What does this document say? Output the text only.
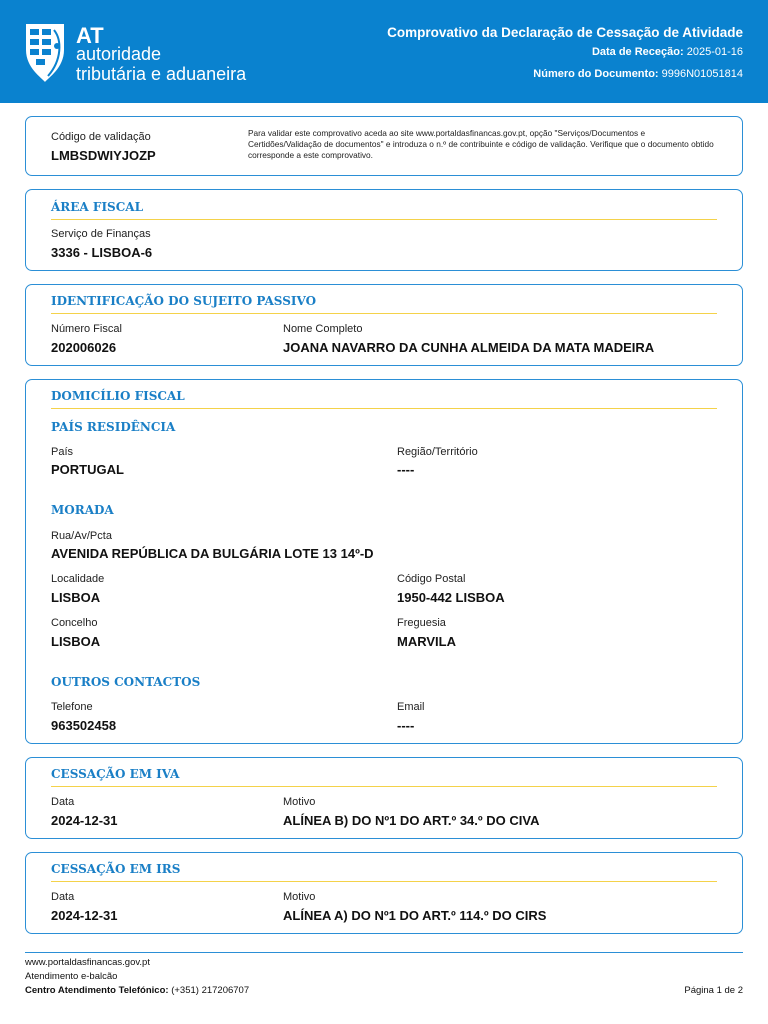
AT
autoridade
tributária e aduaneira
Comprovativo da Declaração de Cessação de Atividade
Data de Receção: 2025-01-16
Número do Documento: 9996N01051814
Código de validação
LMBSDWIYJOZP
Para validar este comprovativo aceda ao site www.portaldasfinancas.gov.pt, opção "Serviços/Documentos e Certidões/Validação de documentos" e introduza o n.º de contribuinte e código de validação. Verifique que o documento obtido corresponde a este comprovativo.
ÁREA FISCAL
Serviço de Finanças
3336 - LISBOA-6
IDENTIFICAÇÃO DO SUJEITO PASSIVO
Número Fiscal
202006026
Nome Completo
JOANA NAVARRO DA CUNHA ALMEIDA DA MATA MADEIRA
DOMICÍLIO FISCAL
PAÍS RESIDÊNCIA
País
PORTUGAL
Região/Território
----
MORADA
Rua/Av/Pcta
AVENIDA REPÚBLICA DA BULGÁRIA LOTE 13 14º-D
Localidade
LISBOA
Código Postal
1950-442 LISBOA
Concelho
LISBOA
Freguesia
MARVILA
OUTROS CONTACTOS
Telefone
963502458
Email
----
CESSAÇÃO EM IVA
Data
2024-12-31
Motivo
ALÍNEA B) DO Nº1 DO ART.º 34.º DO CIVA
CESSAÇÃO EM IRS
Data
2024-12-31
Motivo
ALÍNEA A) DO Nº1 DO ART.º 114.º DO CIRS
www.portaldasfinancas.gov.pt
Atendimento e-balcão
Centro Atendimento Telefónico: (+351) 217206707	Página 1 de 2
